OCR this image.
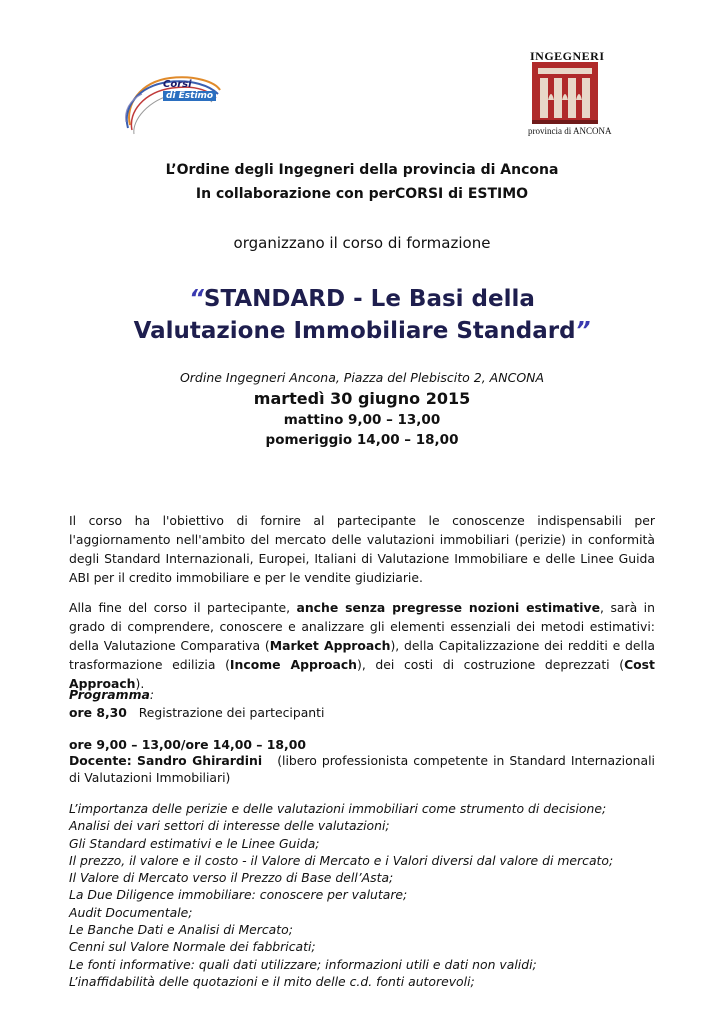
Corsi
di Estimo
INGEGNERI
provincia di ANCONA
L’Ordine degli Ingegneri della provincia di Ancona
In collaborazione con perCORSI di ESTIMO
organizzano il corso di formazione
“STANDARD - Le Basi della
Valutazione Immobiliare Standard”
Ordine Ingegneri Ancona, Piazza del Plebiscito 2, ANCONA
martedì 30 giugno 2015
mattino 9,00 – 13,00
pomeriggio 14,00 – 18,00
Il corso ha l'obiettivo di fornire al partecipante le conoscenze indispensabili per l'aggiornamento nell'ambito del mercato delle valutazioni immobiliari (perizie) in conformità degli Standard Internazionali, Europei, Italiani di Valutazione Immobiliare e delle Linee Guida ABI per il credito immobiliare e per le vendite giudiziarie.
Alla fine del corso il partecipante, anche senza pregresse nozioni estimative, sarà in grado di comprendere, conoscere e analizzare gli elementi essenziali dei metodi estimativi: della Valutazione Comparativa (Market Approach), della Capitalizzazione dei redditi e della trasformazione edilizia (Income Approach), dei costi di costruzione deprezzati (Cost Approach).
Programma:
ore 8,30 Registrazione dei partecipanti
ore 9,00 – 13,00/ore 14,00 – 18,00
Docente: Sandro Ghirardini (libero professionista competente in Standard Internazionali di Valutazioni Immobiliari)
L’importanza delle perizie e delle valutazioni immobiliari come strumento di decisione;
Analisi dei vari settori di interesse delle valutazioni;
Gli Standard estimativi e le Linee Guida;
Il prezzo, il valore e il costo - il Valore di Mercato e i Valori diversi dal valore di mercato;
Il Valore di Mercato verso il Prezzo di Base dell’Asta;
La Due Diligence immobiliare: conoscere per valutare;
Audit Documentale;
Le Banche Dati e Analisi di Mercato;
Cenni sul Valore Normale dei fabbricati;
Le fonti informative: quali dati utilizzare; informazioni utili e dati non validi;
L’inaffidabilità delle quotazioni e il mito delle c.d. fonti autorevoli;
